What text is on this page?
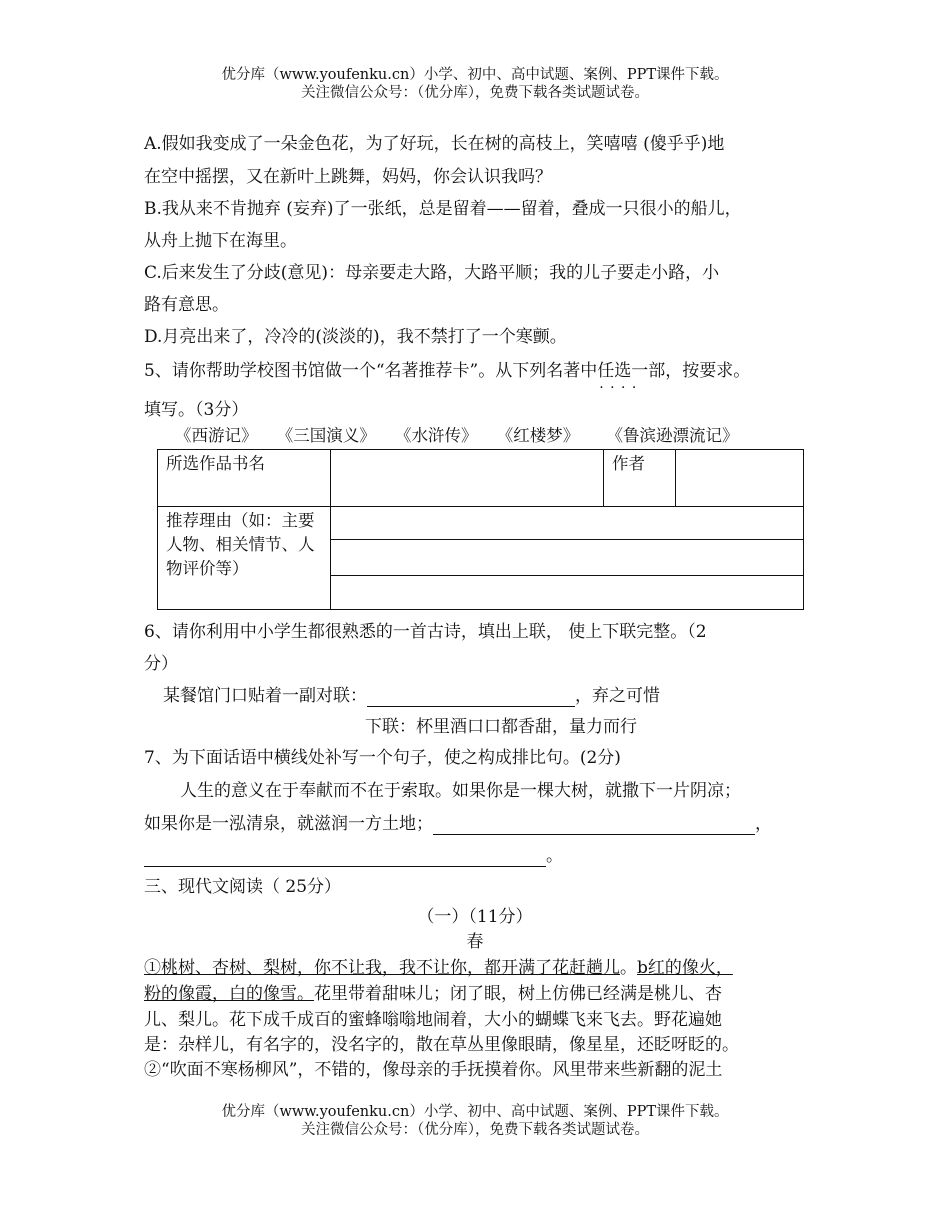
优分库（www.youfenku.cn）小学、初中、高中试题、案例、PPT课件下载。
关注微信公众号：（优分库），免费下载各类试题试卷。
A.假如我变成了一朵金色花，为了好玩，长在树的高枝上，笑嘻嘻 (傻乎乎)地
在空中摇摆，又在新叶上跳舞，妈妈，你会认识我吗？
B.我从来不肯抛弃 (妄弃)了一张纸，总是留着——留着，叠成一只很小的船儿，
从舟上抛下在海里。
C.后来发生了分歧(意见)：母亲要走大路，大路平顺；我的儿子要走小路，小
路有意思。
D.月亮出来了，冷冷的(淡淡的)，我不禁打了一个寒颤。
5、请你帮助学校图书馆做一个“名著推荐卡”。从下列名著中任选一部 · · ，按要求。
填写。（3分）
《西游记》 《三国演义》 《水浒传》 《红楼梦》 《鲁滨逊漂流记》
所选作品书名		作者	
推荐理由（如：主要人物、相关情节、人物评价等）			

6、请你利用中小学生都很熟悉的一首古诗，填出上联， 使上下联完整。（2
分）
某餐馆门口贴着一副对联：	，弃之可惜
下联：杯里酒口口都香甜，量力而行
7、为下面话语中横线处补写一个句子，使之构成排比句。(2分)
人生的意义在于奉献而不在于索取。如果你是一棵大树，就撒下一片阴凉；
如果你是一泓清泉，就滋润一方土地；	，
。
三、现代文阅读（ 25分）
（一）（11分）
春
①桃树、杏树、梨树，你不让我，我不让你，都开满了花赶趟儿。b红的像火，
粉的像霞，白的像雪。花里带着甜味儿；闭了眼，树上仿佛已经满是桃儿、杏
儿、梨儿。花下成千成百的蜜蜂嗡嗡地闹着，大小的蝴蝶飞来飞去。野花遍她
是：杂样儿，有名字的，没名字的，散在草丛里像眼睛，像星星，还眨呀眨的。
②“吹面不寒杨柳风”，不错的，像母亲的手抚摸着你。风里带来些新翻的泥土
优分库（www.youfenku.cn）小学、初中、高中试题、案例、PPT课件下载。
关注微信公众号：（优分库），免费下载各类试题试卷。
